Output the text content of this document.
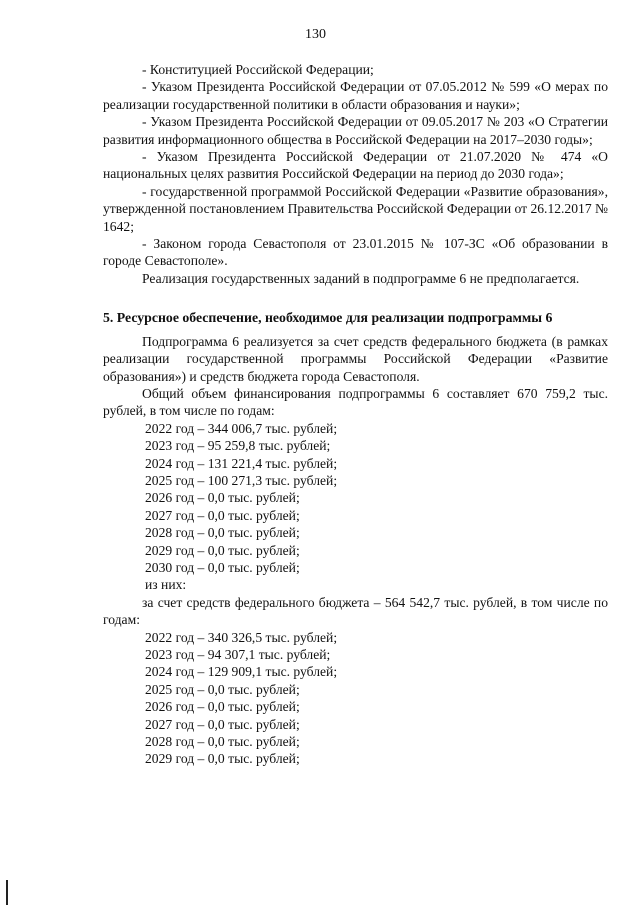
130

- Конституцией Российской Федерации;

- Указом Президента Российской Федерации от 07.05.2012 № 599 «О мерах по реализации государственной политики в области образования и науки»;

- Указом Президента Российской Федерации от 09.05.2017 № 203 «О Стратегии развития информационного общества в Российской Федерации на 2017–2030 годы»;

- Указом Президента Российской Федерации от 21.07.2020 № 474 «О национальных целях развития Российской Федерации на период до 2030 года»;

- государственной программой Российской Федерации «Развитие образования», утвержденной постановлением Правительства Российской Федерации от 26.12.2017 № 1642;

- Законом города Севастополя от 23.01.2015 № 107-ЗС «Об образовании в городе Севастополе».

Реализация государственных заданий в подпрограмме 6 не предполагается.

5. Ресурсное обеспечение, необходимое для реализации подпрограммы 6

Подпрограмма 6 реализуется за счет средств федерального бюджета (в рамках реализации государственной программы Российской Федерации «Развитие образования») и средств бюджета города Севастополя.

Общий объем финансирования подпрограммы 6 составляет 670 759,2 тыс. рублей, в том числе по годам:

2022 год – 344 006,7 тыс. рублей;
2023 год – 95 259,8 тыс. рублей;
2024 год – 131 221,4 тыс. рублей;
2025 год – 100 271,3 тыс. рублей;
2026 год – 0,0 тыс. рублей;
2027 год – 0,0 тыс. рублей;
2028 год – 0,0 тыс. рублей;
2029 год – 0,0 тыс. рублей;
2030 год – 0,0 тыс. рублей;
из них:

за счет средств федерального бюджета – 564 542,7 тыс. рублей, в том числе по годам:

2022 год – 340 326,5 тыс. рублей;
2023 год – 94 307,1 тыс. рублей;
2024 год – 129 909,1 тыс. рублей;
2025 год – 0,0 тыс. рублей;
2026 год – 0,0 тыс. рублей;
2027 год – 0,0 тыс. рублей;
2028 год – 0,0 тыс. рублей;
2029 год – 0,0 тыс. рублей;
